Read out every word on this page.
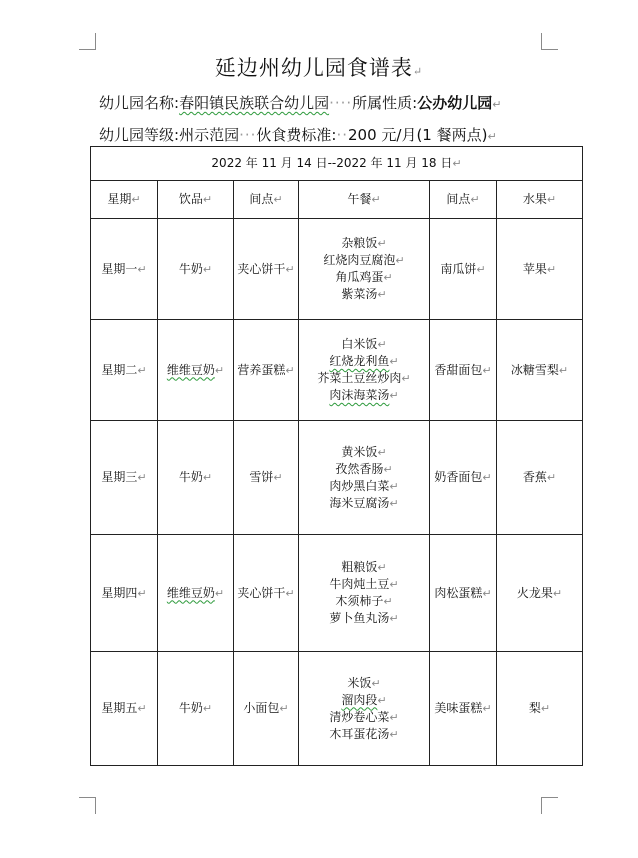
延边州幼儿园食谱表↵
幼儿园名称:春阳镇民族联合幼儿园····所属性质:公办幼儿园↵
幼儿园等级:州示范园···伙食费标准:··200 元/月(1 餐两点)↵
2022 年 11 月 14 日--2022 年 11 月 18 日↵					
星期↵	饮品↵	间点↵	午餐↵	间点↵	水果↵
星期一↵	牛奶↵	夹心饼干↵	杂粮饭↵
红烧肉豆腐泡↵
角瓜鸡蛋↵
紫菜汤↵	南瓜饼↵	苹果↵
星期二↵	维维豆奶↵	营养蛋糕↵	白米饭↵
红烧龙利鱼↵
芥菜土豆丝炒肉↵
肉沫海菜汤↵	香甜面包↵	冰糖雪梨↵
星期三↵	牛奶↵	雪饼↵	黄米饭↵
孜然香肠↵
肉炒黑白菜↵
海米豆腐汤↵	奶香面包↵	香蕉↵
星期四↵	维维豆奶↵	夹心饼干↵	粗粮饭↵
牛肉炖土豆↵
木须柿子↵
萝卜鱼丸汤↵	肉松蛋糕↵	火龙果↵
星期五↵	牛奶↵	小面包↵	米饭↵
溜肉段↵
清炒卷心菜↵
木耳蛋花汤↵	美味蛋糕↵	梨↵
